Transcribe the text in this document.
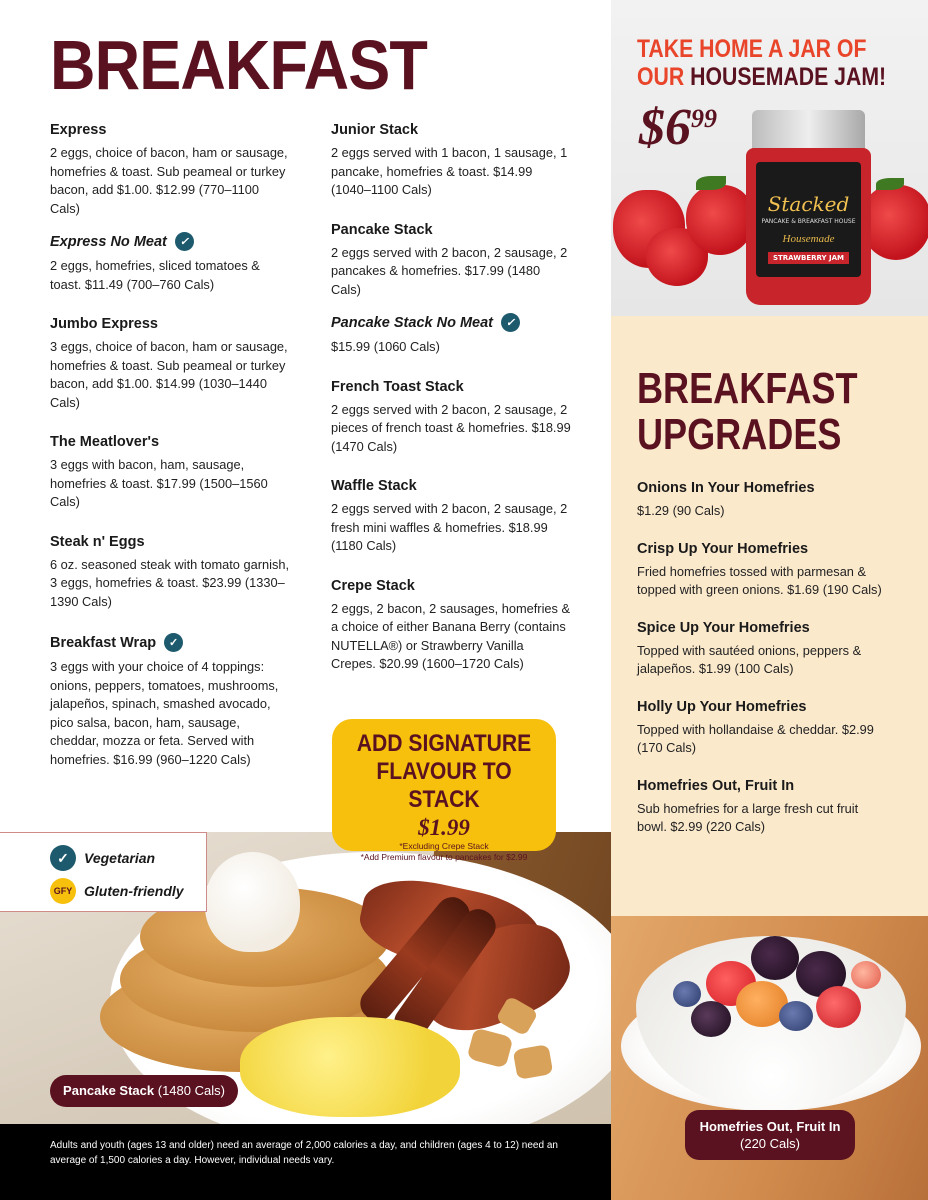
BREAKFAST
Express
2 eggs, choice of bacon, ham or sausage, homefries & toast. Sub peameal or turkey bacon, add $1.00. $12.99 (770–1100 Cals)
Express No Meat	✓
2 eggs, homefries, sliced tomatoes & toast. $11.49 (700–760 Cals)
Jumbo Express
3 eggs, choice of bacon, ham or sausage, homefries & toast. Sub peameal or turkey bacon, add $1.00. $14.99 (1030–1440 Cals)
The Meatlover's
3 eggs with bacon, ham, sausage, homefries & toast. $17.99 (1500–1560 Cals)
Steak n' Eggs
6 oz. seasoned steak with tomato garnish, 3 eggs, homefries & toast. $23.99 (1330–1390 Cals)
Breakfast Wrap	✓
3 eggs with your choice of 4 toppings: onions, peppers, tomatoes, mushrooms, jalapeños, spinach, smashed avocado, pico salsa, bacon, ham, sausage, cheddar, mozza or feta. Served with homefries. $16.99 (960–1220 Cals)
Junior Stack
2 eggs served with 1 bacon, 1 sausage, 1 pancake, homefries & toast. $14.99 (1040–1100 Cals)
Pancake Stack
2 eggs served with 2 bacon, 2 sausage, 2 pancakes & homefries. $17.99 (1480 Cals)
Pancake Stack No Meat	✓
$15.99 (1060 Cals)
French Toast Stack
2 eggs served with 2 bacon, 2 sausage, 2 pieces of french toast & homefries. $18.99 (1470 Cals)
Waffle Stack
2 eggs served with 2 bacon, 2 sausage, 2 fresh mini waffles & homefries. $18.99 (1180 Cals)
Crepe Stack
2 eggs, 2 bacon, 2 sausages, homefries & a choice of either Banana Berry (contains NUTELLA®) or Strawberry Vanilla Crepes. $20.99 (1600–1720 Cals)
✓	Vegetarian
GFY Gluten-friendly
ADD SIGNATURE
FLAVOUR TO STACK
$1.99
*Excluding Crepe Stack
*Add Premium flavour to pancakes for $2.99
Pancake Stack (1480 Cals)
Adults and youth (ages 13 and older) need an average of 2,000 calories a day, and children (ages 4 to 12) need an average of 1,500 calories a day. However, individual needs vary.
TAKE HOME A JAR OF
OUR HOUSEMADE JAM!
$\$6^{99}$
Stacked
PANCAKE & BREAKFAST HOUSE
Housemade
STRAWBERRY JAM
BREAKFAST
UPGRADES
Onions In Your Homefries
$1.29 (90 Cals)
Crisp Up Your Homefries
Fried homefries tossed with parmesan & topped with green onions. $1.69 (190 Cals)
Spice Up Your Homefries
Topped with sautéed onions, peppers & jalapeños. $1.99 (100 Cals)
Holly Up Your Homefries
Topped with hollandaise & cheddar. $2.99 (170 Cals)
Homefries Out, Fruit In
Sub homefries for a large fresh cut fruit bowl. $2.99 (220 Cals)
Homefries Out, Fruit In
(220 Cals)
